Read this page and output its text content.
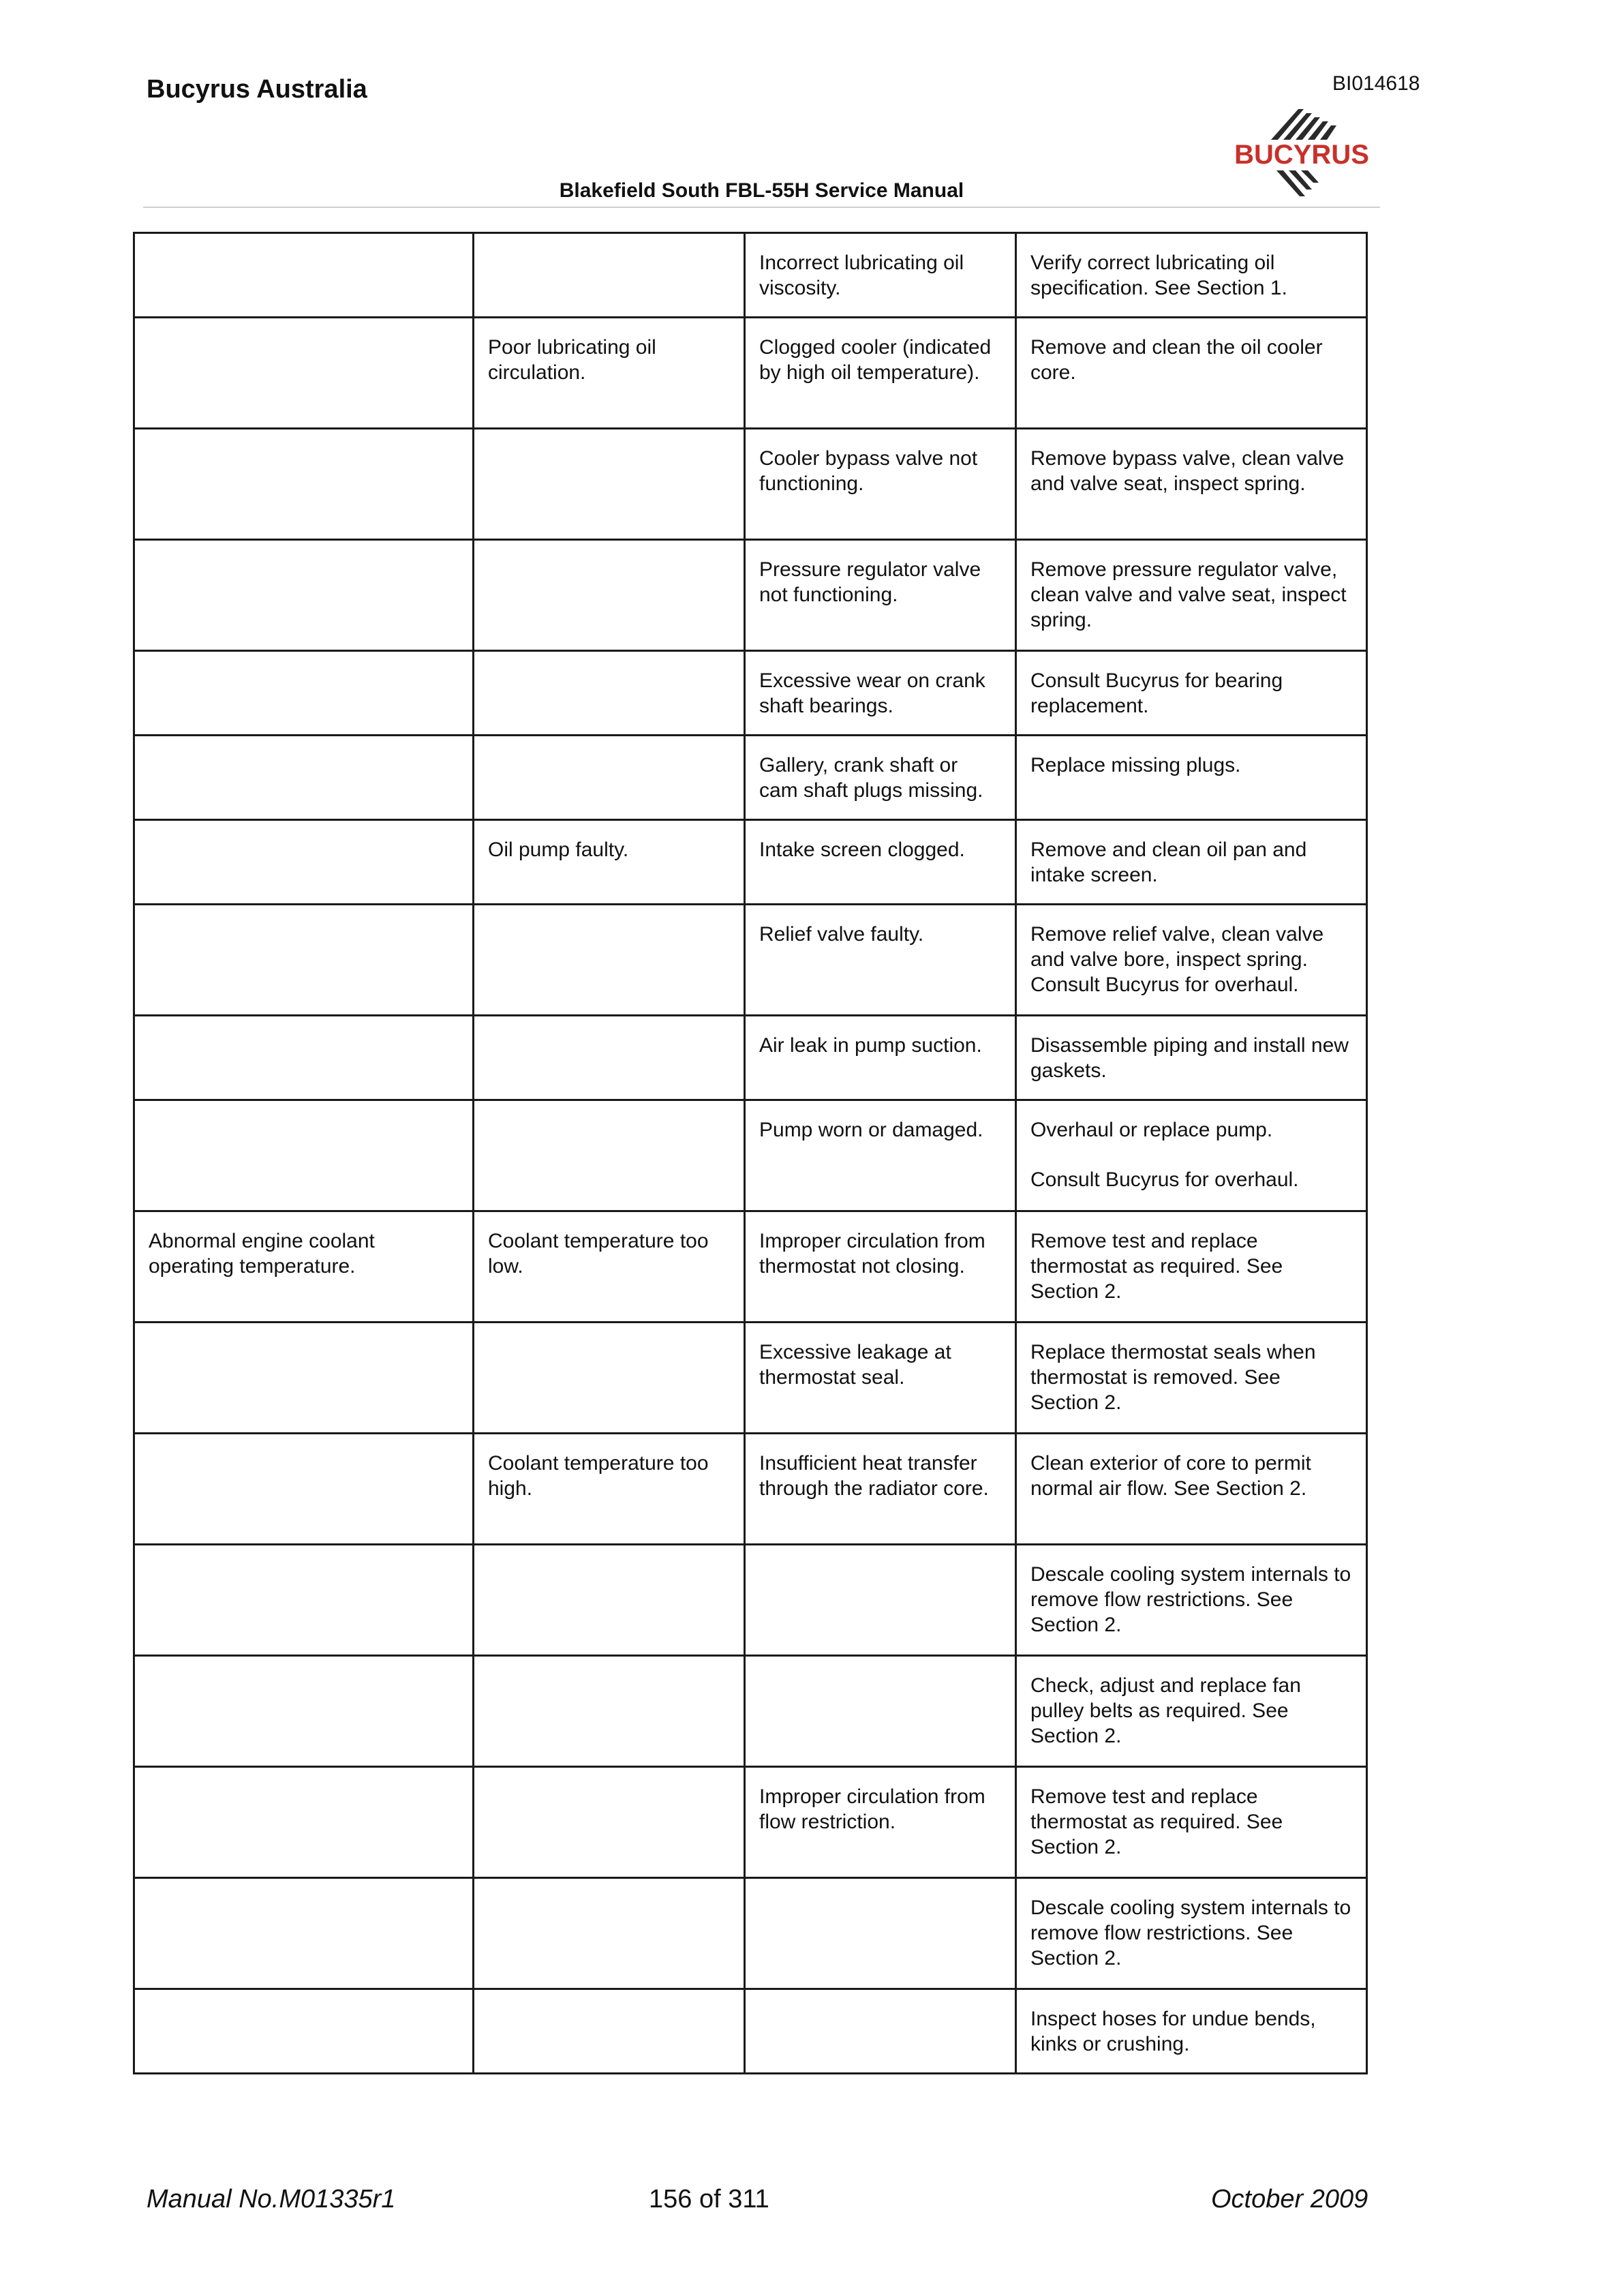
Bucyrus Australia	BI014618
BUCYRUS
Blakefield South FBL-55H Service Manual

		Incorrect lubricating oil viscosity.	Verify correct lubricating oil specification. See Section 1.

	Poor lubricating oil circulation.	Clogged cooler (indicated by high oil temperature).	Remove and clean the oil cooler core.

		Cooler bypass valve not functioning.	Remove bypass valve, clean valve and valve seat, inspect spring.

		Pressure regulator valve not functioning.	Remove pressure regulator valve, clean valve and valve seat, inspect spring.

		Excessive wear on crank shaft bearings.	Consult Bucyrus for bearing replacement.

		Gallery, crank shaft or cam shaft plugs missing.	Replace missing plugs.

	Oil pump faulty.	Intake screen clogged.	Remove and clean oil pan and intake screen.

		Relief valve faulty.	Remove relief valve, clean valve and valve bore, inspect spring. Consult Bucyrus for overhaul.

		Air leak in pump suction.	Disassemble piping and install new gaskets.

		Pump worn or damaged.	Overhaul or replace pump.
Consult Bucyrus for overhaul.

Abnormal engine coolant operating temperature.	Coolant temperature too low.	Improper circulation from thermostat not closing.	Remove test and replace thermostat as required. See Section 2.

		Excessive leakage at thermostat seal.	Replace thermostat seals when thermostat is removed. See Section 2.

	Coolant temperature too high.	Insufficient heat transfer through the radiator core.	Clean exterior of core to permit normal air flow. See Section 2.

			Descale cooling system internals to remove flow restrictions. See Section 2.

			Check, adjust and replace fan pulley belts as required. See Section 2.

		Improper circulation from flow restriction.	Remove test and replace thermostat as required. See Section 2.

			Descale cooling system internals to remove flow restrictions. See Section 2.

			Inspect hoses for undue bends, kinks or crushing.
Manual No.M01335r1	156 of 311	October 2009
